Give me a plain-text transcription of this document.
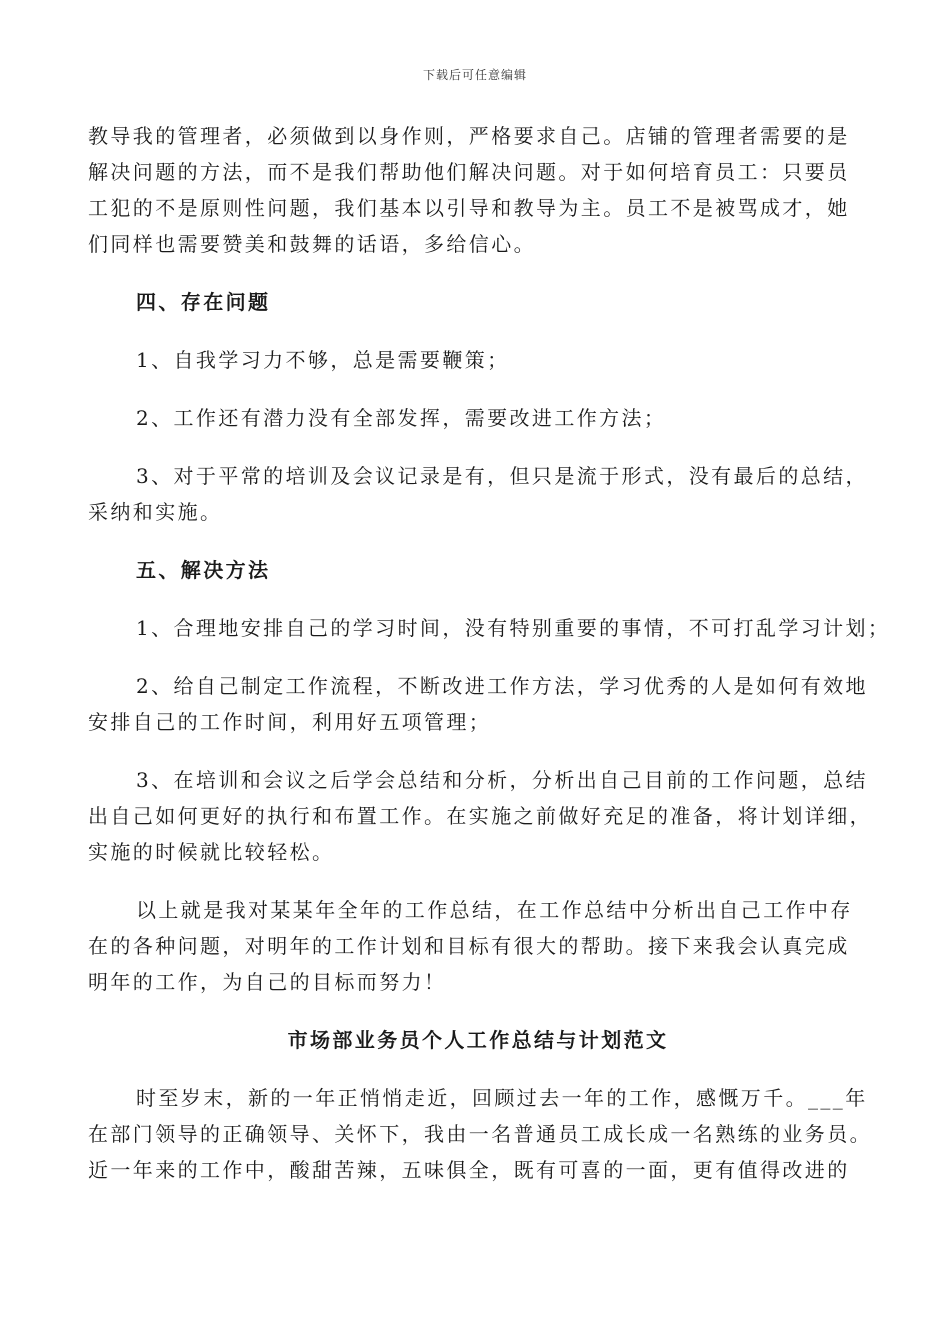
下载后可任意编辑

教导我的管理者，必须做到以身作则，严格要求自己。店铺的管理者需要的是

解决问题的方法，而不是我们帮助他们解决问题。对于如何培育员工：只要员

工犯的不是原则性问题，我们基本以引导和教导为主。员工不是被骂成才，她

们同样也需要赞美和鼓舞的话语，多给信心。

四、存在问题

1、自我学习力不够，总是需要鞭策；

2、工作还有潜力没有全部发挥，需要改进工作方法；

3、对于平常的培训及会议记录是有，但只是流于形式，没有最后的总结，

采纳和实施。

五、解决方法

1、合理地安排自己的学习时间，没有特别重要的事情，不可打乱学习计划；

2、给自己制定工作流程，不断改进工作方法，学习优秀的人是如何有效地

安排自己的工作时间，利用好五项管理；

3、在培训和会议之后学会总结和分析，分析出自己目前的工作问题，总结

出自己如何更好的执行和布置工作。在实施之前做好充足的准备，将计划详细，

实施的时候就比较轻松。

以上就是我对某某年全年的工作总结，在工作总结中分析出自己工作中存

在的各种问题，对明年的工作计划和目标有很大的帮助。接下来我会认真完成

明年的工作，为自己的目标而努力！

市场部业务员个人工作总结与计划范文

时至岁末，新的一年正悄悄走近，回顾过去一年的工作，感慨万千。___年

在部门领导的正确领导、关怀下，我由一名普通员工成长成一名熟练的业务员。

近一年来的工作中，酸甜苦辣，五味俱全，既有可喜的一面，更有值得改进的
